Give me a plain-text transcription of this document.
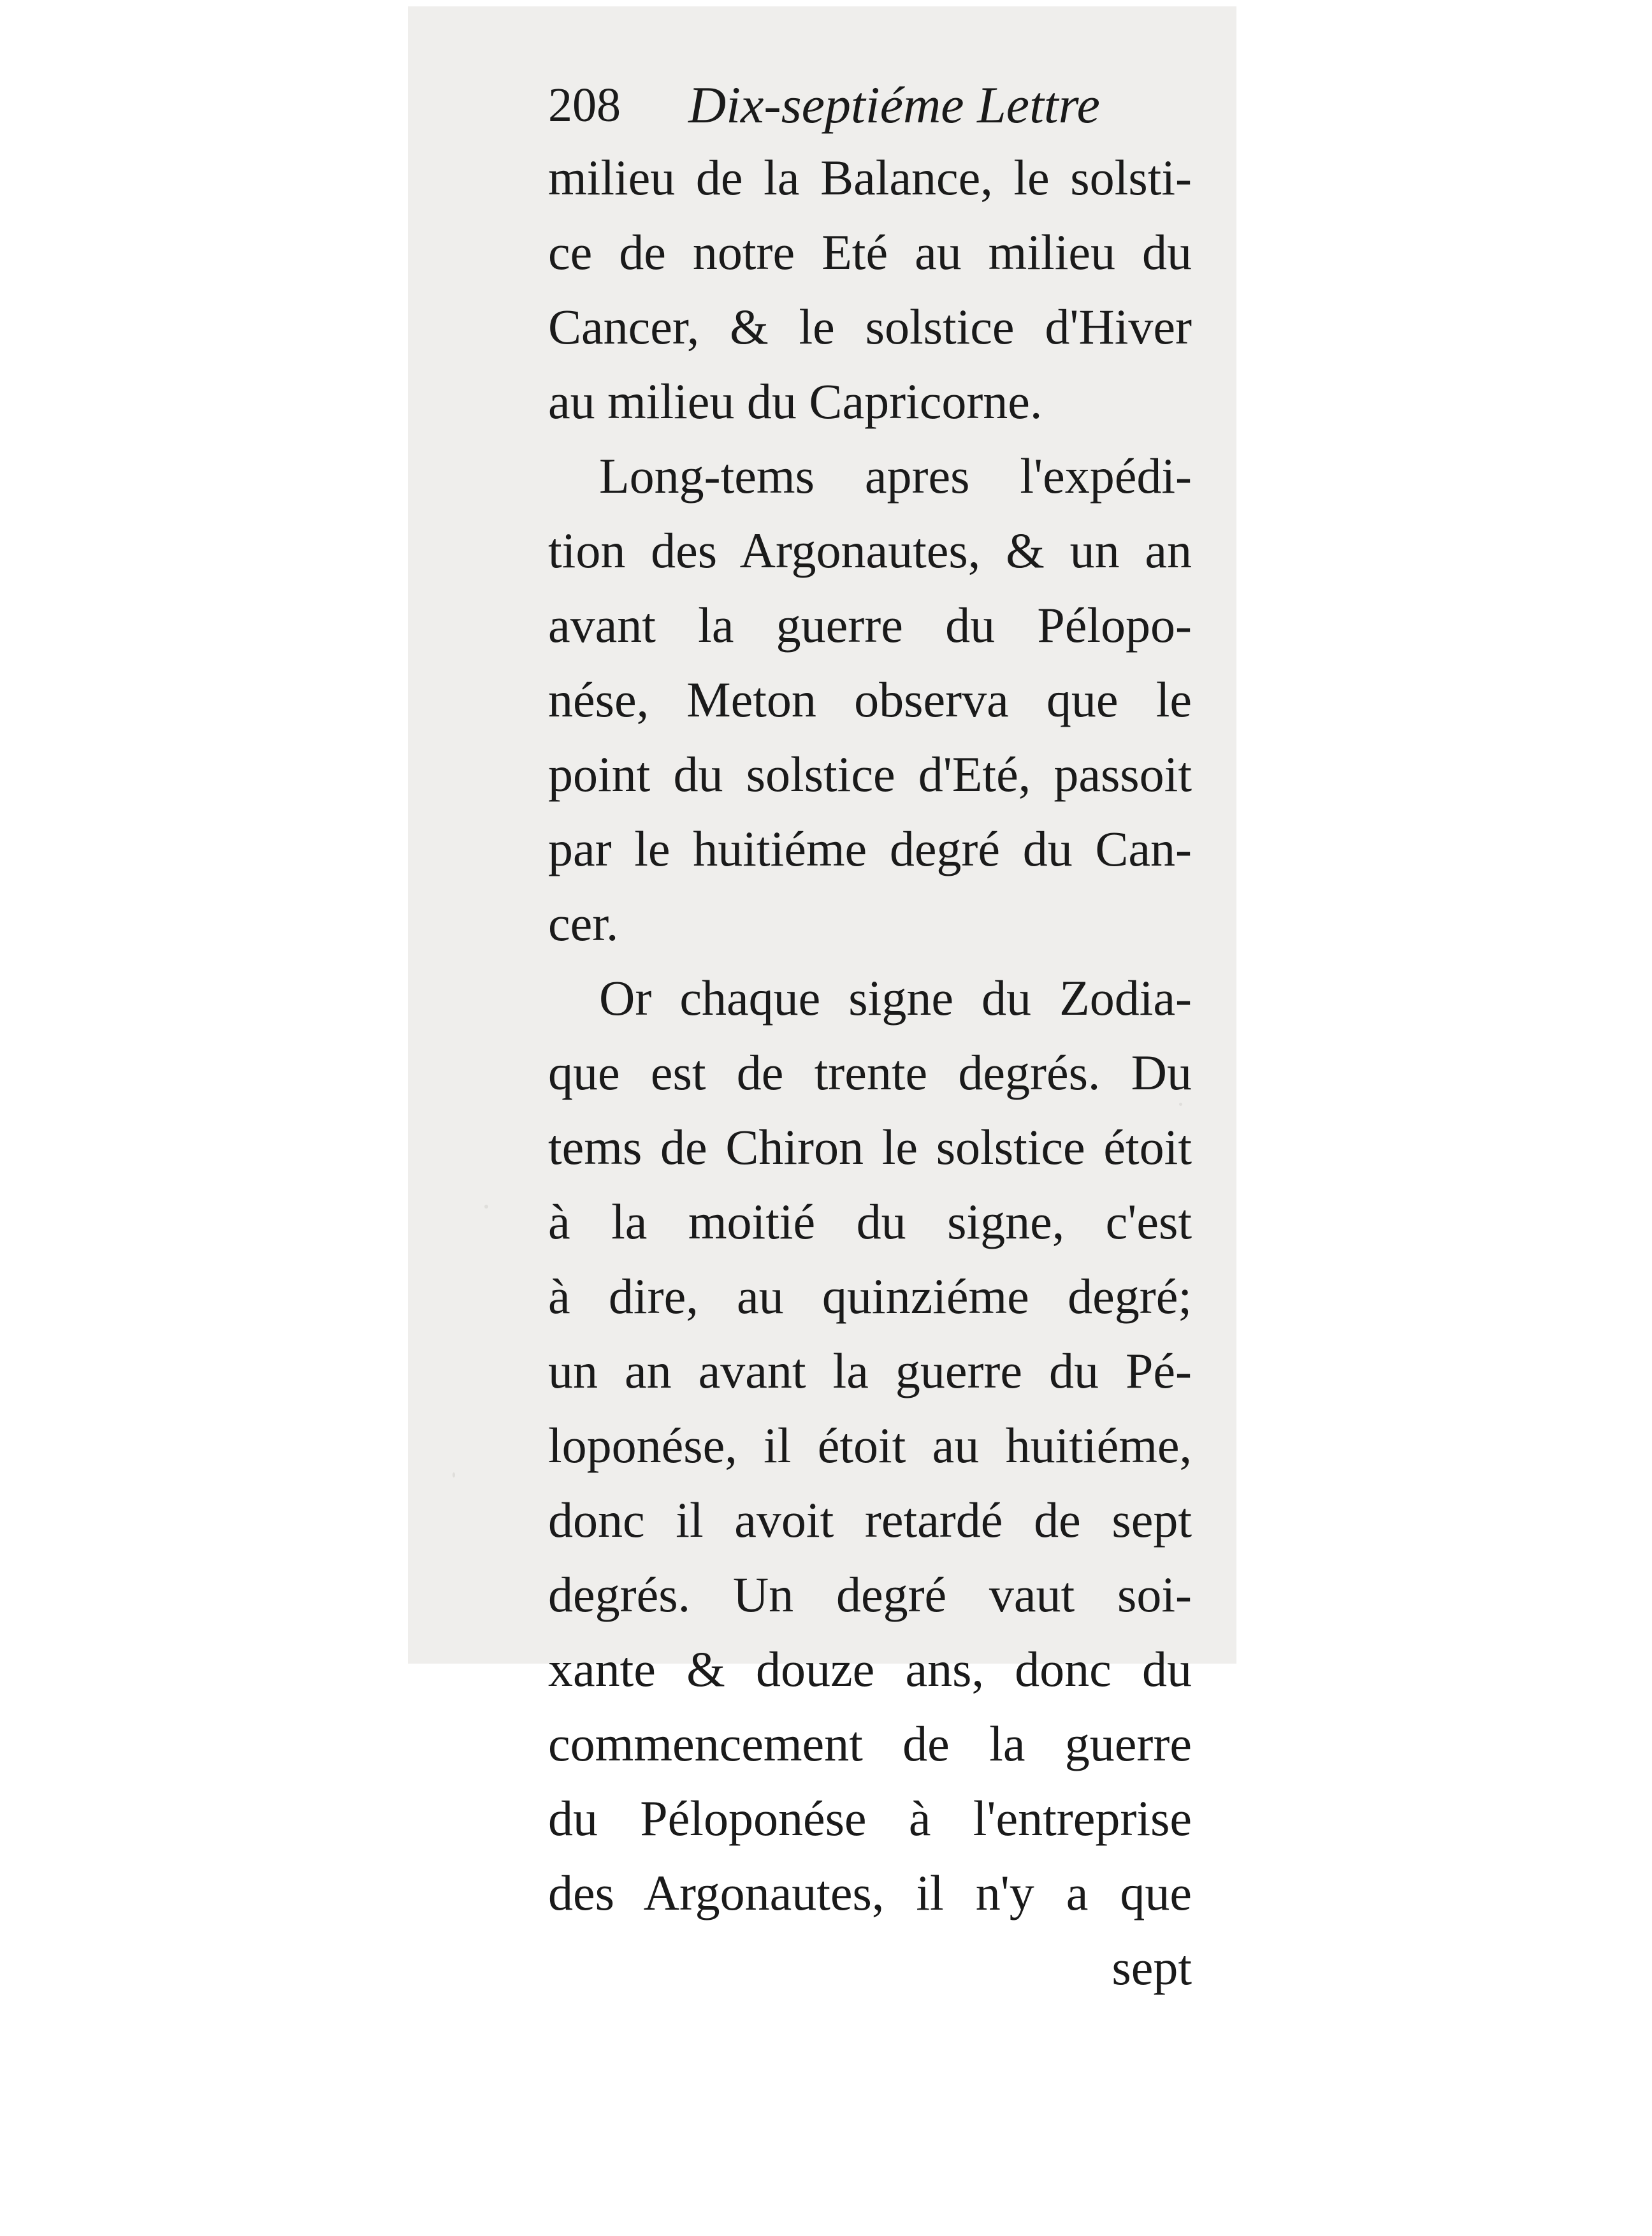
208 Dix-septiéme Lettre
milieu de la Balance, le solsti-
ce de notre Eté au milieu du
Cancer, & le solstice d'Hiver
au milieu du Capricorne.
Long-tems apres l'expédi-
tion des Argonautes, & un an
avant la guerre du Pélopo-
nése, Meton observa que le
point du solstice d'Eté, passoit
par le huitiéme degré du Can-
cer.
Or chaque signe du Zodia-
que est de trente degrés. Du
tems de Chiron le solstice étoit
à la moitié du signe, c'est
à dire, au quinziéme degré;
un an avant la guerre du Pé-
loponése, il étoit au huitiéme,
donc il avoit retardé de sept
degrés. Un degré vaut soi-
xante & douze ans, donc du
commencement de la guerre
du Péloponése à l'entreprise
des Argonautes, il n'y a que
sept
